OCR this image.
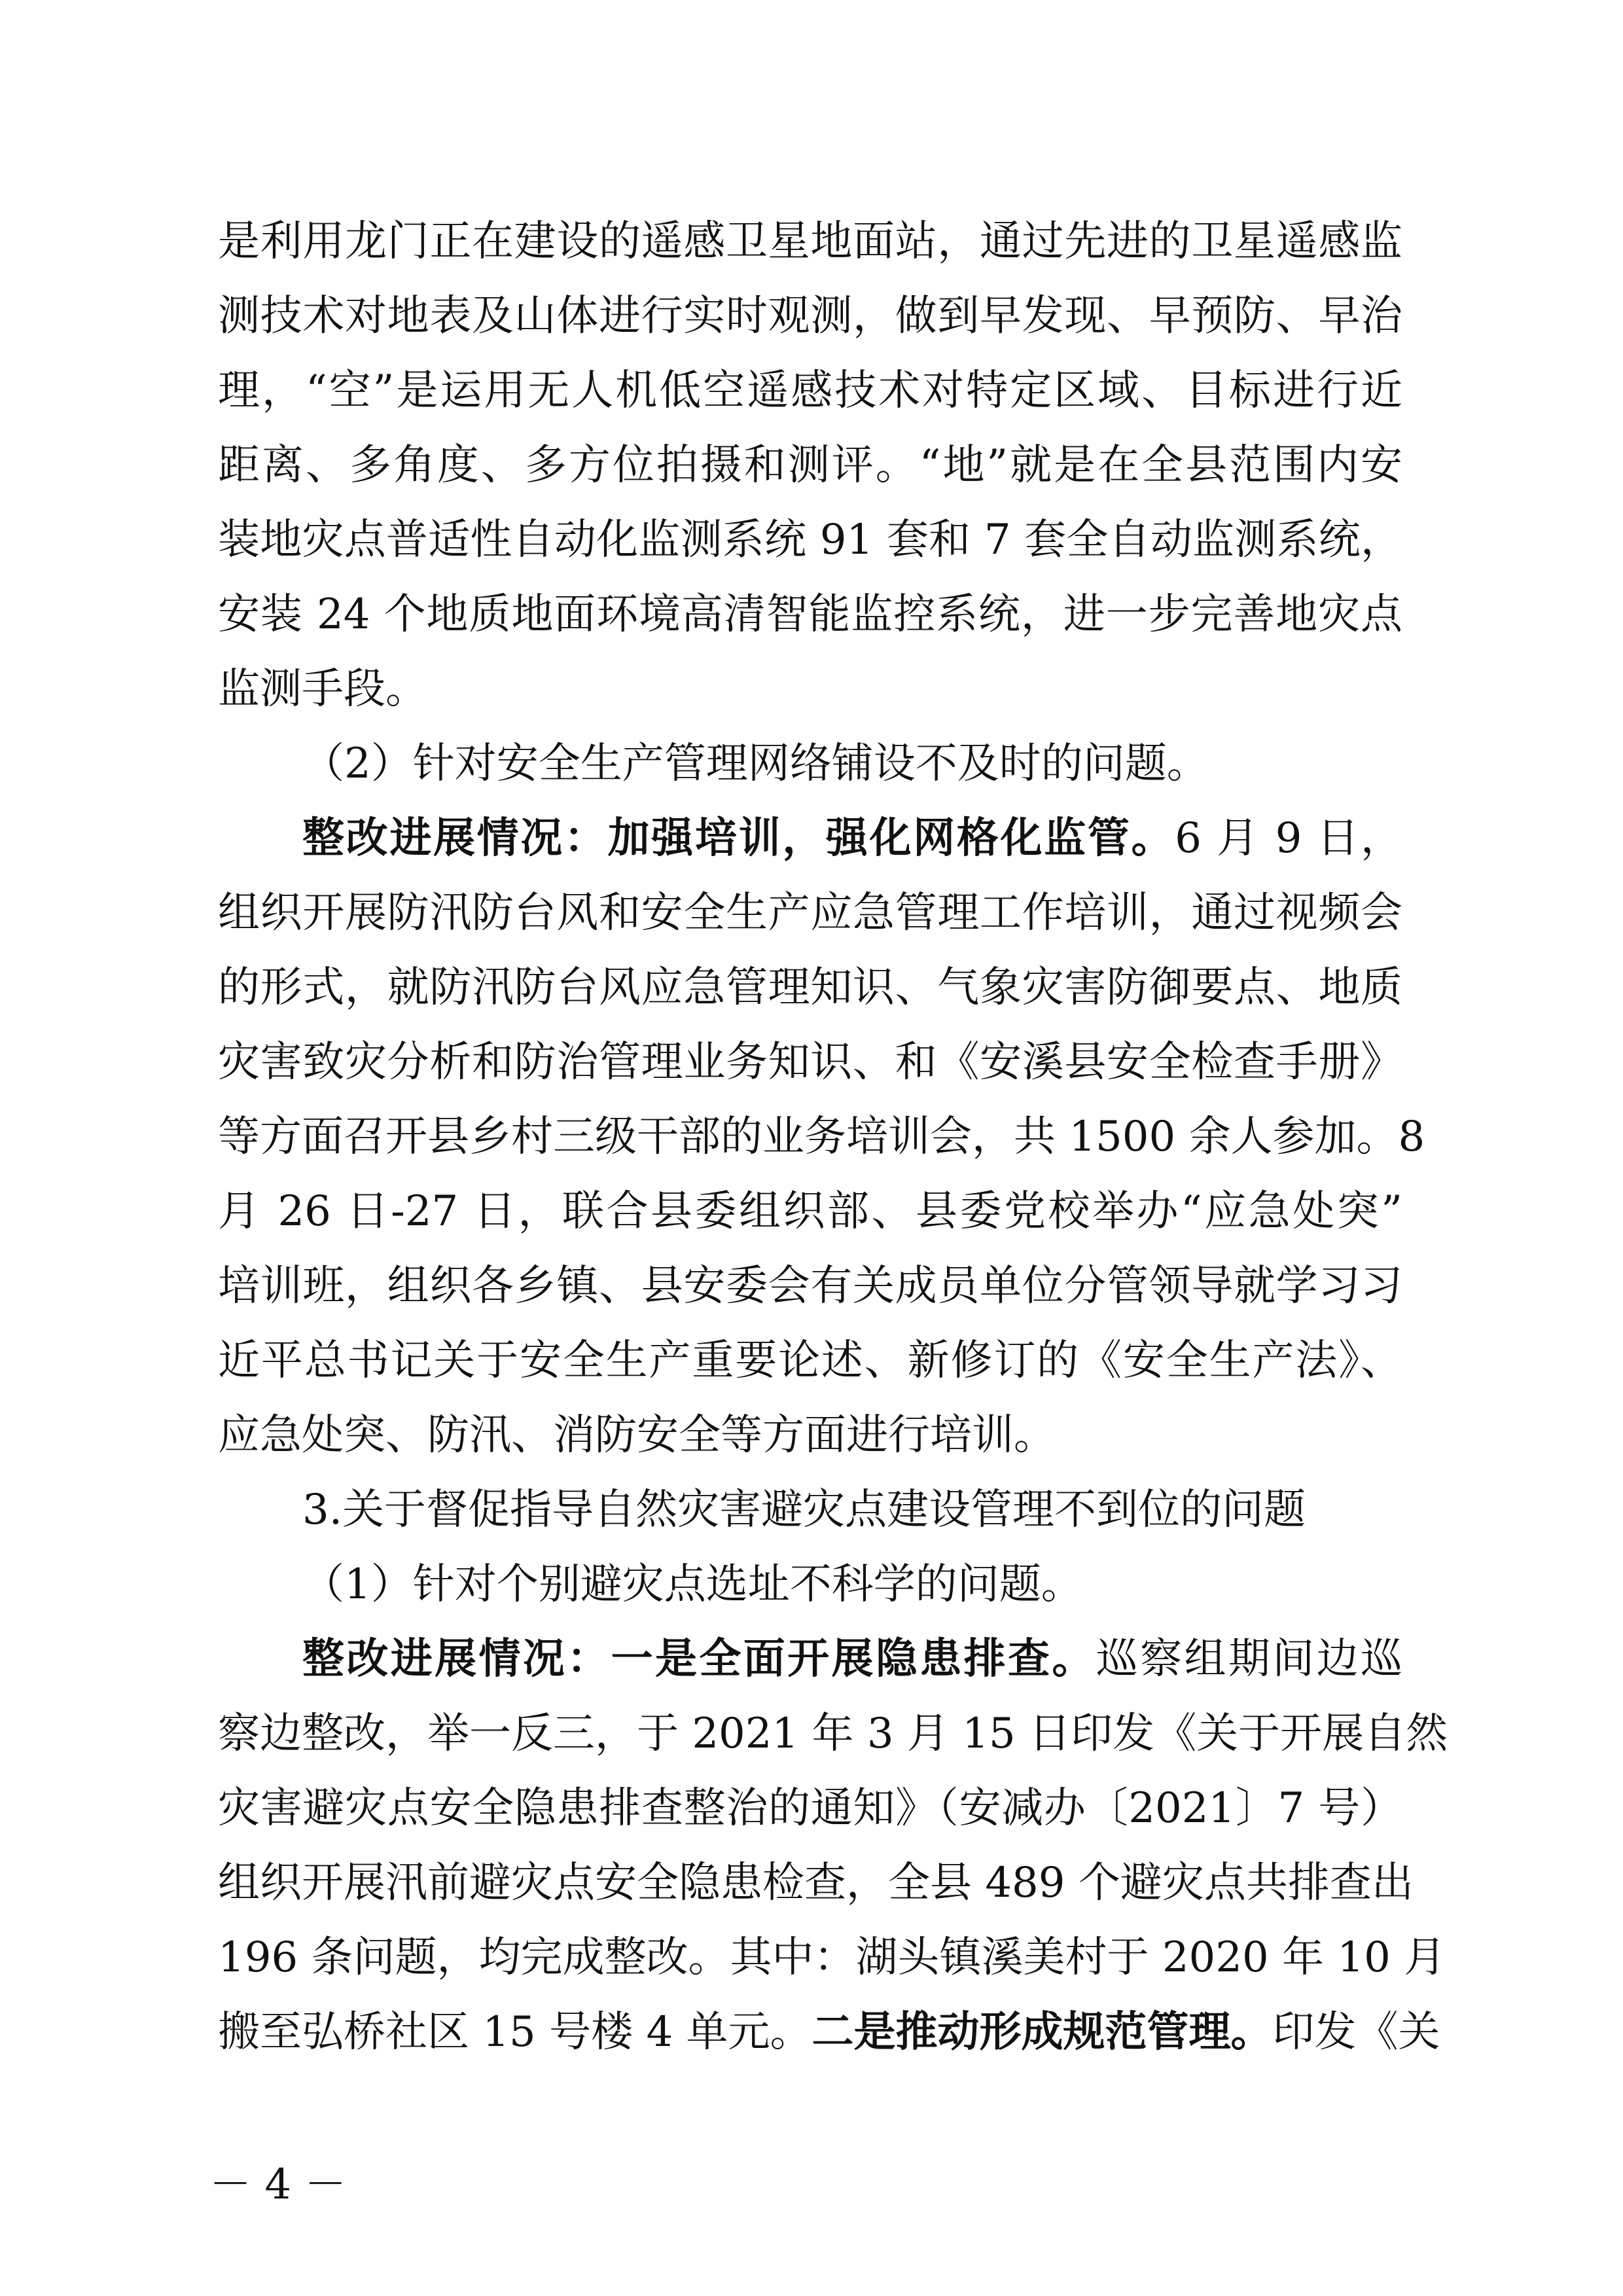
是利用龙门正在建设的遥感卫星地面站，通过先进的卫星遥感监
测技术对地表及山体进行实时观测，做到早发现、早预防、早治
理，“空”是运用无人机低空遥感技术对特定区域、目标进行近
距离、多角度、多方位拍摄和测评。“地”就是在全县范围内安
装地灾点普适性自动化监测系统 91 套和 7 套全自动监测系统，
安装 24 个地质地面环境高清智能监控系统，进一步完善地灾点
监测手段。
（2）针对安全生产管理网络铺设不及时的问题。
整改进展情况：加强培训，强化网格化监管。6 月 9 日，
组织开展防汛防台风和安全生产应急管理工作培训，通过视频会
的形式，就防汛防台风应急管理知识、气象灾害防御要点、地质
灾害致灾分析和防治管理业务知识、和《安溪县安全检查手册》
等方面召开县乡村三级干部的业务培训会，共 1500 余人参加。8
月 26 日-27 日，联合县委组织部、县委党校举办“应急处突”
培训班，组织各乡镇、县安委会有关成员单位分管领导就学习习
近平总书记关于安全生产重要论述、新修订的《安全生产法》、
应急处突、防汛、消防安全等方面进行培训。
3.关于督促指导自然灾害避灾点建设管理不到位的问题
（1）针对个别避灾点选址不科学的问题。
整改进展情况：一是全面开展隐患排查。巡察组期间边巡
察边整改，举一反三，于 2021 年 3 月 15 日印发《关于开展自然
灾害避灾点安全隐患排查整治的通知》（安减办〔2021〕7 号）
组织开展汛前避灾点安全隐患检查，全县 489 个避灾点共排查出
196 条问题，均完成整改。其中：湖头镇溪美村于 2020 年 10 月
搬至弘桥社区 15 号楼 4 单元。二是推动形成规范管理。印发《关
－ 4 －
